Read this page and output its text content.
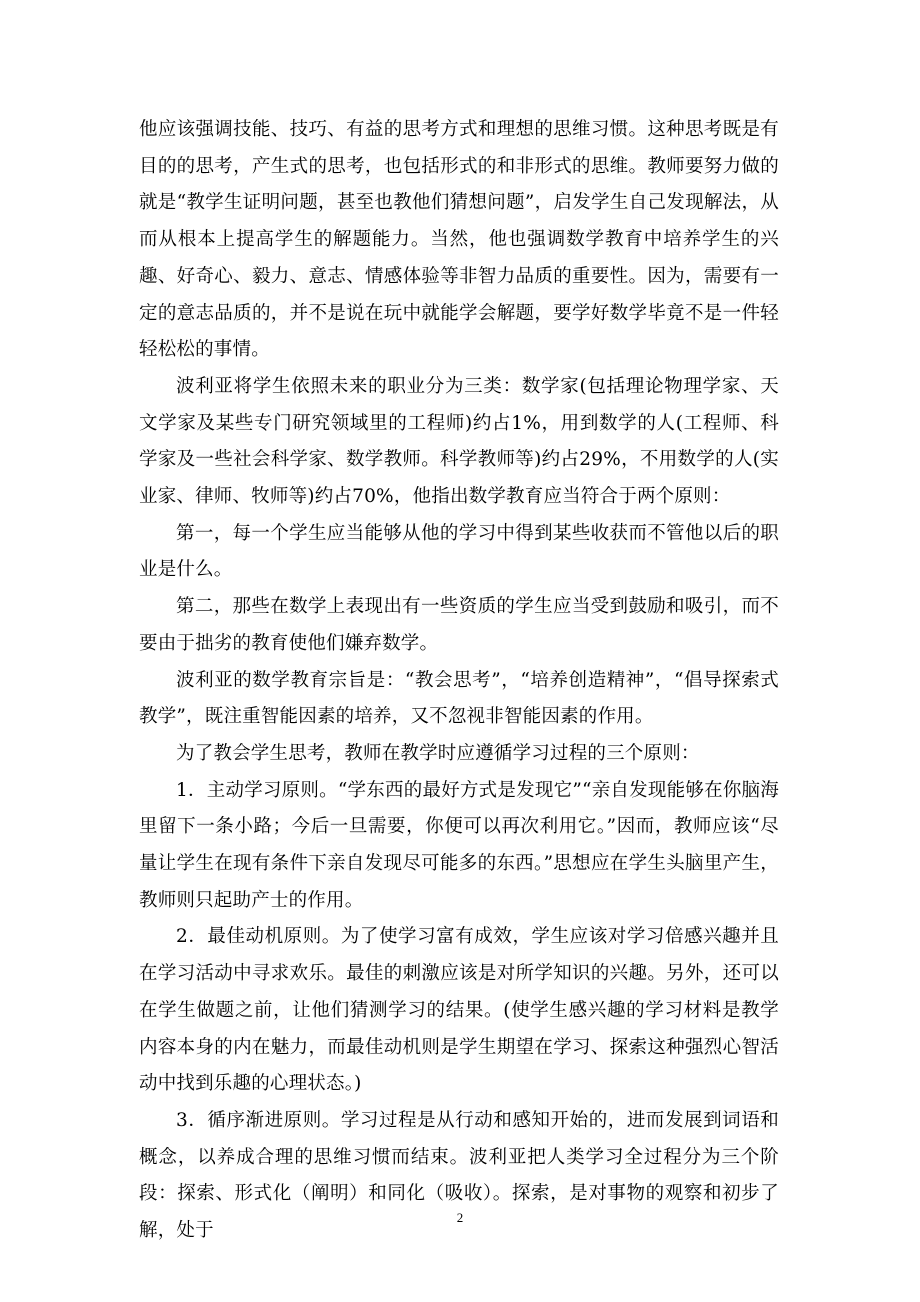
他应该强调技能、技巧、有益的思考方式和理想的思维习惯。这种思考既是有目的的思考，产生式的思考，也包括形式的和非形式的思维。教师要努力做的就是“教学生证明问题，甚至也教他们猜想问题”，启发学生自己发现解法，从而从根本上提高学生的解题能力。当然，他也强调数学教育中培养学生的兴趣、好奇心、毅力、意志、情感体验等非智力品质的重要性。因为，需要有一定的意志品质的，并不是说在玩中就能学会解题，要学好数学毕竟不是一件轻轻松松的事情。

波利亚将学生依照未来的职业分为三类：数学家(包括理论物理学家、天文学家及某些专门研究领域里的工程师)约占1%，用到数学的人(工程师、科学家及一些社会科学家、数学教师。科学教师等)约占29%，不用数学的人(实业家、律师、牧师等)约占70%，他指出数学教育应当符合于两个原则：

第一，每一个学生应当能够从他的学习中得到某些收获而不管他以后的职业是什么。

第二，那些在数学上表现出有一些资质的学生应当受到鼓励和吸引，而不要由于拙劣的教育使他们嫌弃数学。

波利亚的数学教育宗旨是：“教会思考”，“培养创造精神”，“倡导探索式教学”，既注重智能因素的培养，又不忽视非智能因素的作用。

为了教会学生思考，教师在教学时应遵循学习过程的三个原则：

1．主动学习原则。“学东西的最好方式是发现它”“亲自发现能够在你脑海里留下一条小路；今后一旦需要，你便可以再次利用它。”因而，教师应该“尽量让学生在现有条件下亲自发现尽可能多的东西。”思想应在学生头脑里产生，教师则只起助产士的作用。

2．最佳动机原则。为了使学习富有成效，学生应该对学习倍感兴趣并且在学习活动中寻求欢乐。最佳的刺激应该是对所学知识的兴趣。另外，还可以在学生做题之前，让他们猜测学习的结果。(使学生感兴趣的学习材料是教学内容本身的内在魅力，而最佳动机则是学生期望在学习、探索这种强烈心智活动中找到乐趣的心理状态。)

3．循序渐进原则。学习过程是从行动和感知开始的，进而发展到词语和概念，以养成合理的思维习惯而结束。波利亚把人类学习全过程分为三个阶段：探索、形式化（阐明）和同化（吸收）。探索，是对事物的观察和初步了解，处于

2
